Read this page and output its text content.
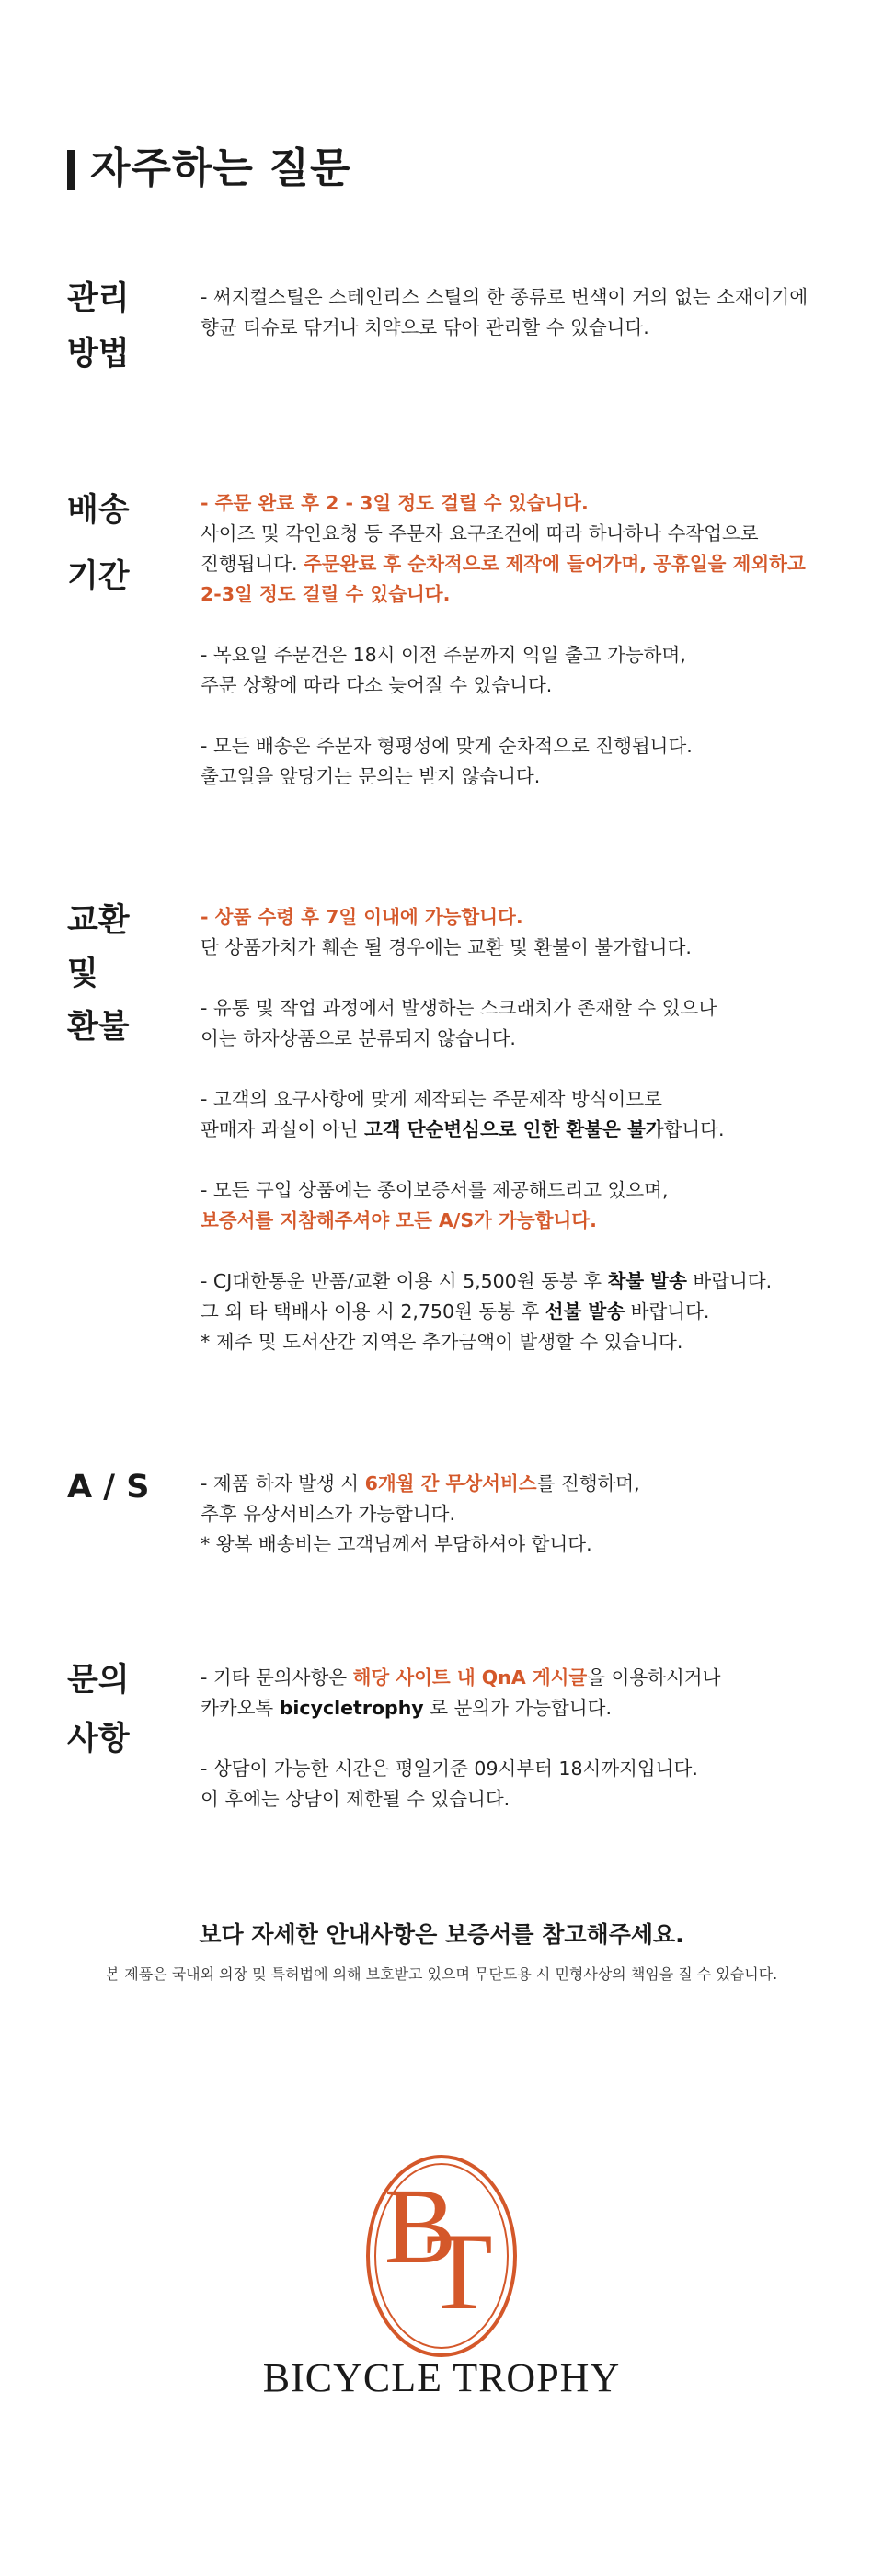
자주하는 질문
관리
방법

- 써지컬스틸은 스테인리스 스틸의 한 종류로 변색이 거의 없는 소재이기에

향균 티슈로 닦거나 치약으로 닦아 관리할 수 있습니다.

배송
기간

- 주문 완료 후 2 - 3일 정도 걸릴 수 있습니다.

사이즈 및 각인요청 등 주문자 요구조건에 따라 하나하나 수작업으로

진행됩니다. 주문완료 후 순차적으로 제작에 들어가며, 공휴일을 제외하고

2-3일 정도 걸릴 수 있습니다.

- 목요일 주문건은 18시 이전 주문까지 익일 출고 가능하며,

주문 상황에 따라 다소 늦어질 수 있습니다.

- 모든 배송은 주문자 형평성에 맞게 순차적으로 진행됩니다.

출고일을 앞당기는 문의는 받지 않습니다.

교환
및
환불

- 상품 수령 후 7일 이내에 가능합니다.

단 상품가치가 훼손 될 경우에는 교환 및 환불이 불가합니다.

- 유통 및 작업 과정에서 발생하는 스크래치가 존재할 수 있으나

이는 하자상품으로 분류되지 않습니다.

- 고객의 요구사항에 맞게 제작되는 주문제작 방식이므로

판매자 과실이 아닌 고객 단순변심으로 인한 환불은 불가합니다.

- 모든 구입 상품에는 종이보증서를 제공해드리고 있으며,

보증서를 지참해주셔야 모든 A/S가 가능합니다.

- CJ대한통운 반품/교환 이용 시 5,500원 동봉 후 착불 발송 바랍니다.

그 외 타 택배사 이용 시 2,750원 동봉 후 선불 발송 바랍니다.

* 제주 및 도서산간 지역은 추가금액이 발생할 수 있습니다.

A / S	- 제품 하자 발생 시 6개월 간 무상서비스를 진행하며,

추후 유상서비스가 가능합니다.

* 왕복 배송비는 고객님께서 부담하셔야 합니다.

문의
사항

- 기타 문의사항은 해당 사이트 내 QnA 게시글을 이용하시거나

카카오톡 bicycletrophy 로 문의가 가능합니다.

- 상담이 가능한 시간은 평일기준 09시부터 18시까지입니다.

이 후에는 상담이 제한될 수 있습니다.

보다 자세한 안내사항은 보증서를 참고해주세요.
본 제품은 국내외 의장 및 특허법에 의해 보호받고 있으며 무단도용 시 민형사상의 책임을 질 수 있습니다.
B
T
BICYCLE TROPHY
